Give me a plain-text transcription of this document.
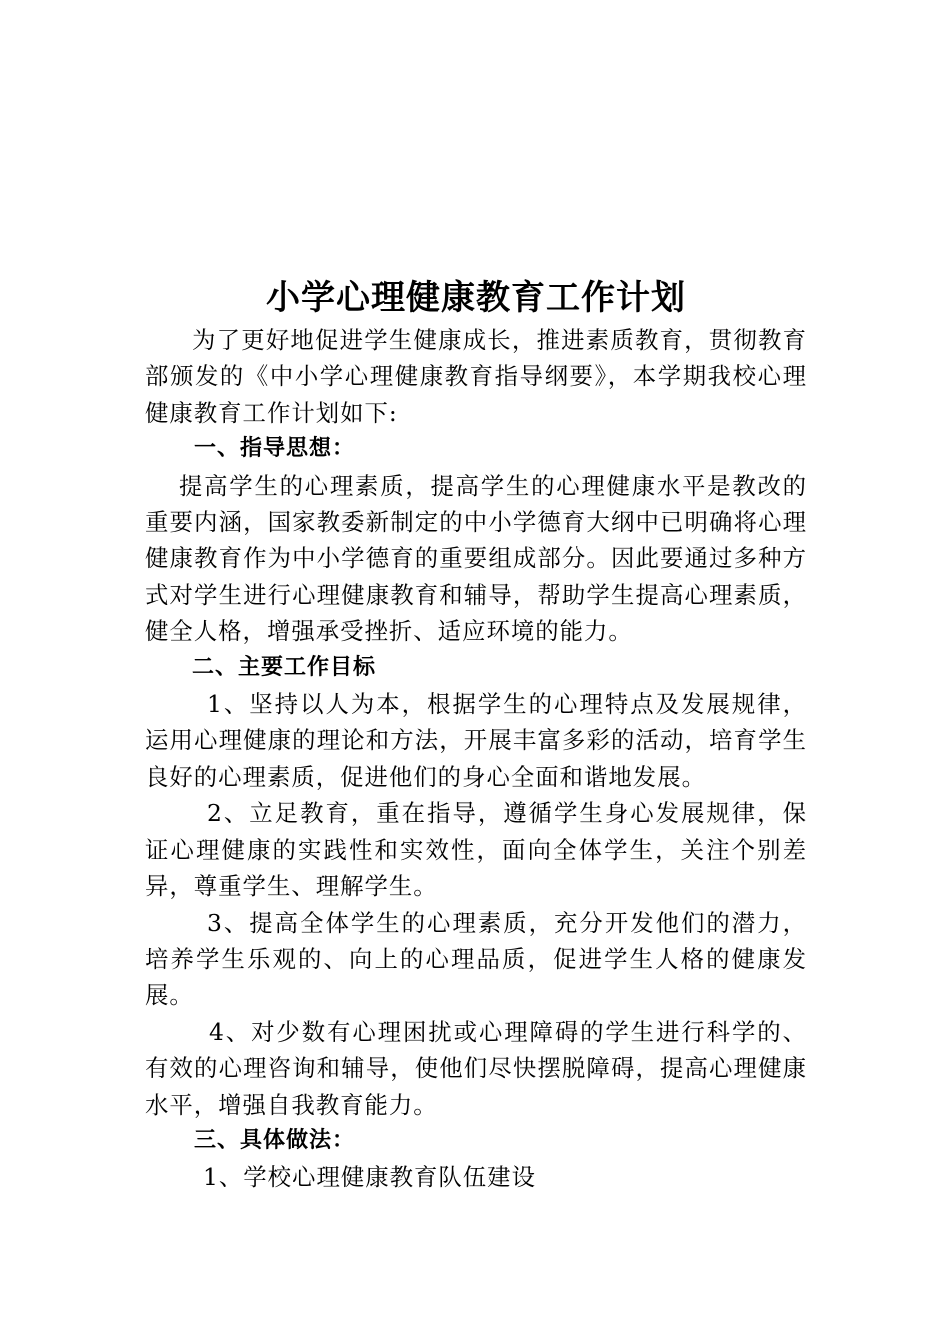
小学心理健康教育工作计划

为了更好地促进学生健康成长，推进素质教育，贯彻教育部颁发的《中小学心理健康教育指导纲要》，本学期我校心理健康教育工作计划如下:

一、指导思想：

提高学生的心理素质，提高学生的心理健康水平是教改的重要内涵，国家教委新制定的中小学德育大纲中已明确将心理健康教育作为中小学德育的重要组成部分。因此要通过多种方式对学生进行心理健康教育和辅导，帮助学生提高心理素质，健全人格，增强承受挫折、适应环境的能力。

二、主要工作目标

1、坚持以人为本，根据学生的心理特点及发展规律，运用心理健康的理论和方法，开展丰富多彩的活动，培育学生良好的心理素质，促进他们的身心全面和谐地发展。

2、立足教育，重在指导，遵循学生身心发展规律，保证心理健康的实践性和实效性，面向全体学生，关注个别差异，尊重学生、理解学生。

3、提高全体学生的心理素质，充分开发他们的潜力，培养学生乐观的、向上的心理品质，促进学生人格的健康发展。

4、对少数有心理困扰或心理障碍的学生进行科学的、有效的心理咨询和辅导，使他们尽快摆脱障碍，提高心理健康水平，增强自我教育能力。

三、具体做法：

1、学校心理健康教育队伍建设
